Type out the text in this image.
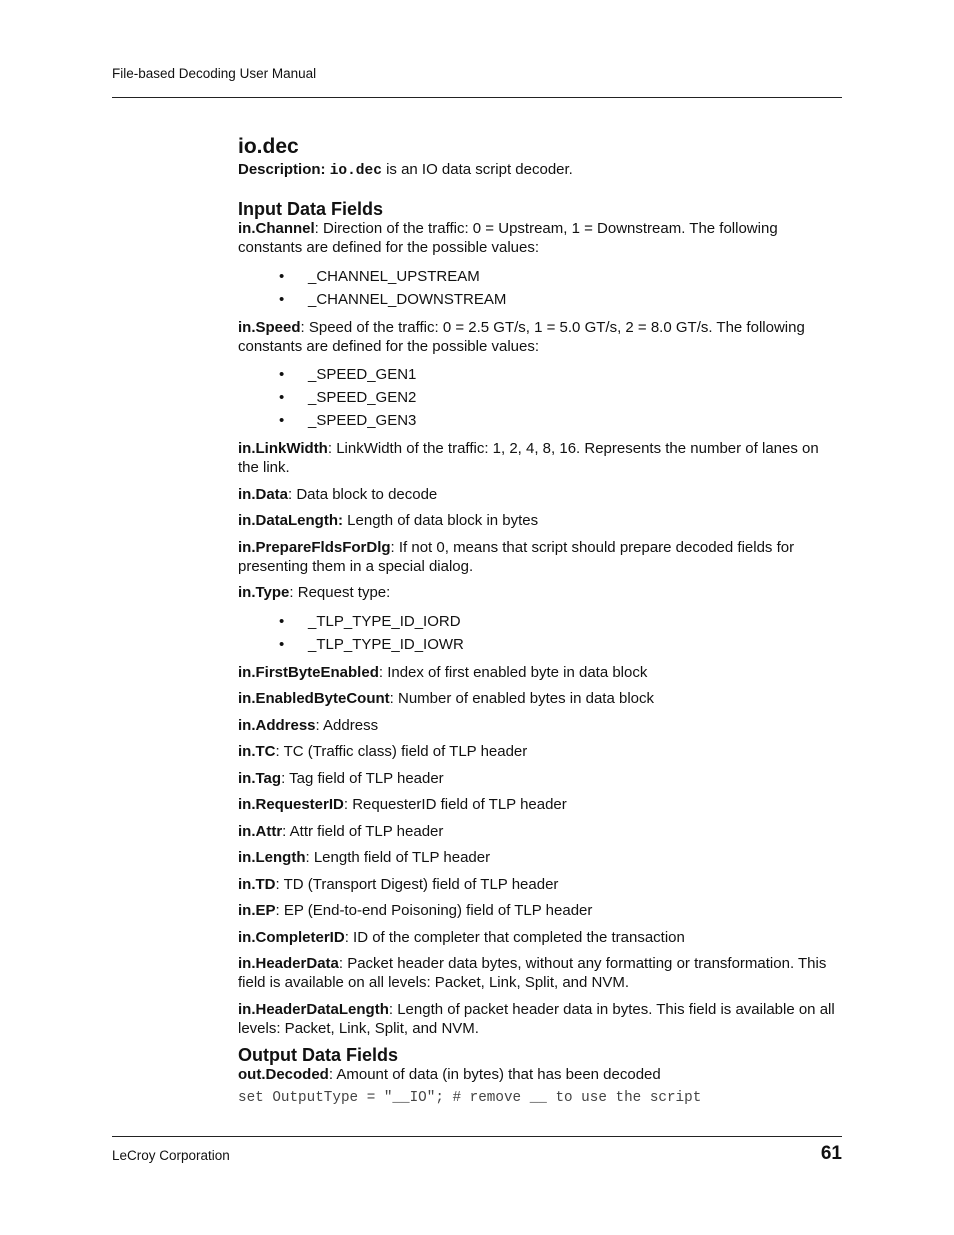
File-based Decoding User Manual
io.dec

Description: io.dec is an IO data script decoder.

Input Data Fields

in.Channel: Direction of the traffic: 0 = Upstream, 1 = Downstream. The following constants are defined for the possible values:

• _CHANNEL_UPSTREAM
• _CHANNEL_DOWNSTREAM

in.Speed: Speed of the traffic: 0 = 2.5 GT/s, 1 = 5.0 GT/s, 2 = 8.0 GT/s. The following constants are defined for the possible values:

• _SPEED_GEN1
• _SPEED_GEN2
• _SPEED_GEN3

in.LinkWidth: LinkWidth of the traffic: 1, 2, 4, 8, 16. Represents the number of lanes on the link.

in.Data: Data block to decode

in.DataLength: Length of data block in bytes

in.PrepareFldsForDlg: If not 0, means that script should prepare decoded fields for presenting them in a special dialog.

in.Type: Request type:

• _TLP_TYPE_ID_IORD
• _TLP_TYPE_ID_IOWR

in.FirstByteEnabled: Index of first enabled byte in data block

in.EnabledByteCount: Number of enabled bytes in data block

in.Address: Address

in.TC: TC (Traffic class) field of TLP header

in.Tag: Tag field of TLP header

in.RequesterID: RequesterID field of TLP header

in.Attr: Attr field of TLP header

in.Length: Length field of TLP header

in.TD: TD (Transport Digest) field of TLP header

in.EP: EP (End-to-end Poisoning) field of TLP header

in.CompleterID: ID of the completer that completed the transaction

in.HeaderData: Packet header data bytes, without any formatting or transformation. This field is available on all levels: Packet, Link, Split, and NVM.

in.HeaderDataLength: Length of packet header data in bytes. This field is available on all levels: Packet, Link, Split, and NVM.

Output Data Fields

out.Decoded: Amount of data (in bytes) that has been decoded

set OutputType = "__IO"; # remove __ to use the script

LeCroy Corporation	61
